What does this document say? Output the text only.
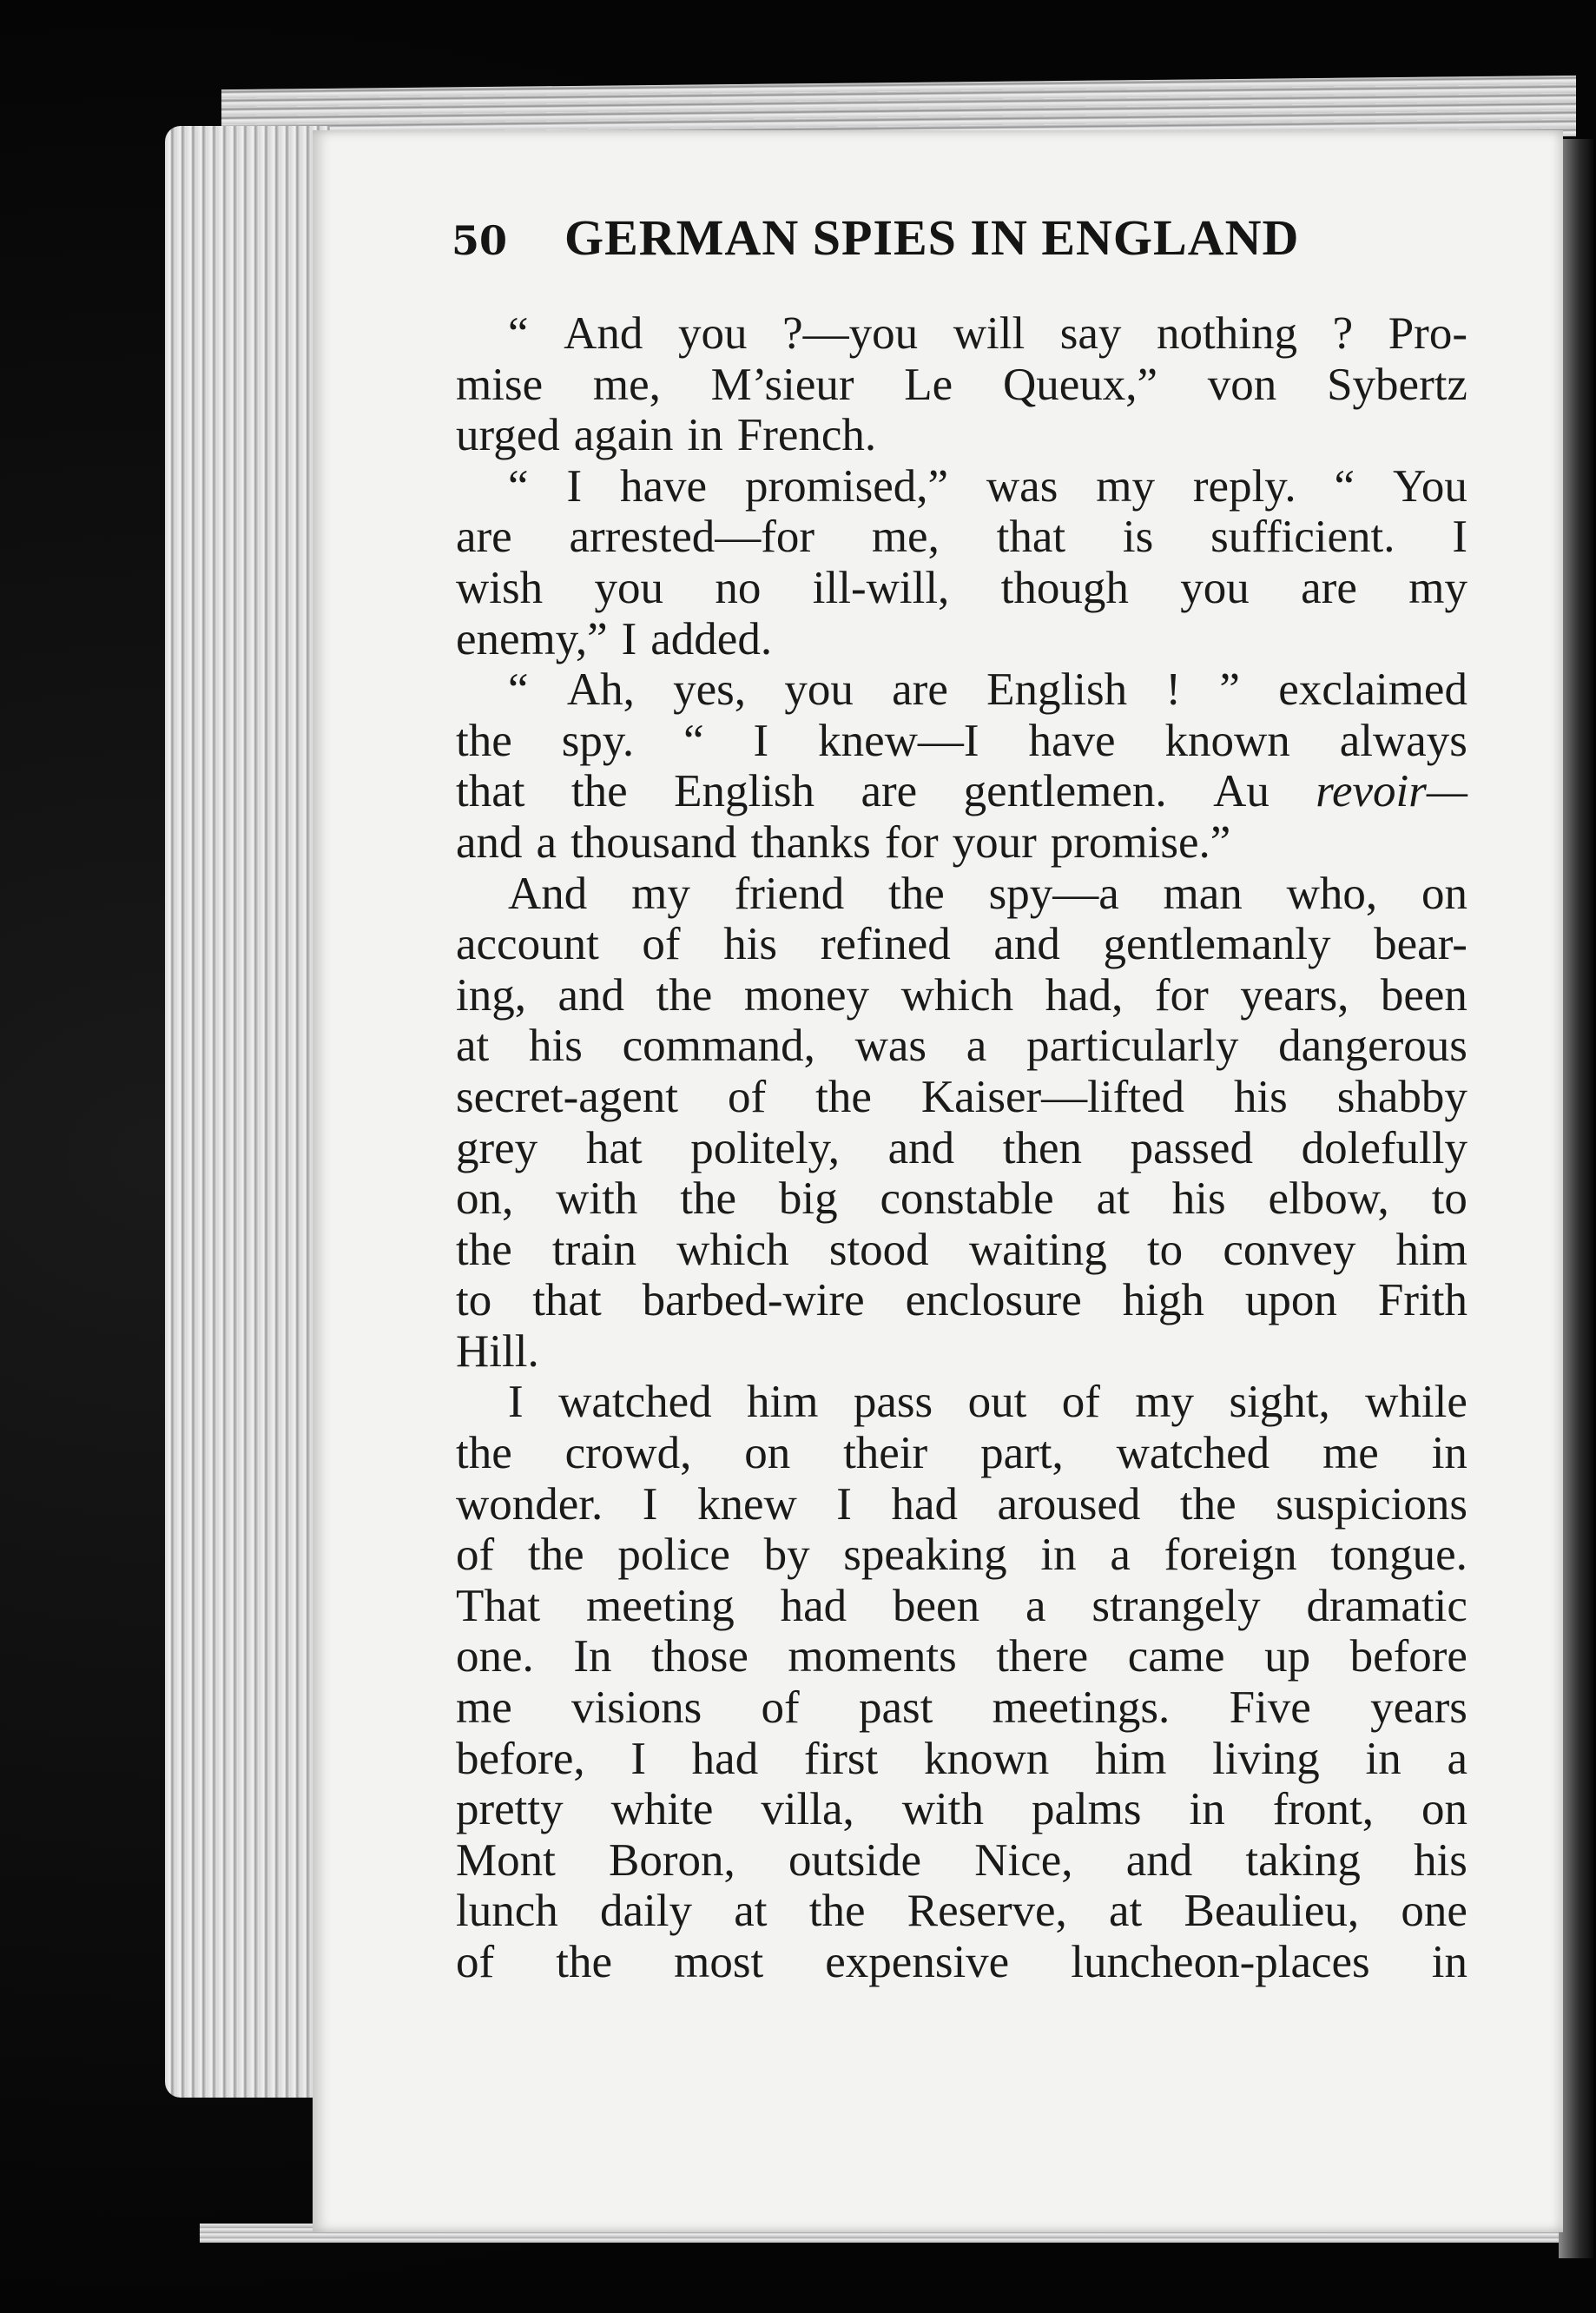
50	GERMAN SPIES IN ENGLAND
“ And you ?—you will say nothing ? Pro-
mise me, M’sieur Le Queux,” von Sybertz
urged again in French.
“ I have promised,” was my reply. “ You
are arrested—for me, that is sufficient. I
wish you no ill-will, though you are my
enemy,” I added.
“ Ah, yes, you are English ! ” exclaimed
the spy. “ I knew—I have known always
that the English are gentlemen. Au revoir—
and a thousand thanks for your promise.”
And my friend the spy—a man who, on
account of his refined and gentlemanly bear-
ing, and the money which had, for years, been
at his command, was a particularly dangerous
secret-agent of the Kaiser—lifted his shabby
grey hat politely, and then passed dolefully
on, with the big constable at his elbow, to
the train which stood waiting to convey him
to that barbed-wire enclosure high upon Frith
Hill.
I watched him pass out of my sight, while
the crowd, on their part, watched me in
wonder. I knew I had aroused the suspicions
of the police by speaking in a foreign tongue.
That meeting had been a strangely dramatic
one. In those moments there came up before
me visions of past meetings. Five years
before, I had first known him living in a
pretty white villa, with palms in front, on
Mont Boron, outside Nice, and taking his
lunch daily at the Reserve, at Beaulieu, one
of the most expensive luncheon-places in
